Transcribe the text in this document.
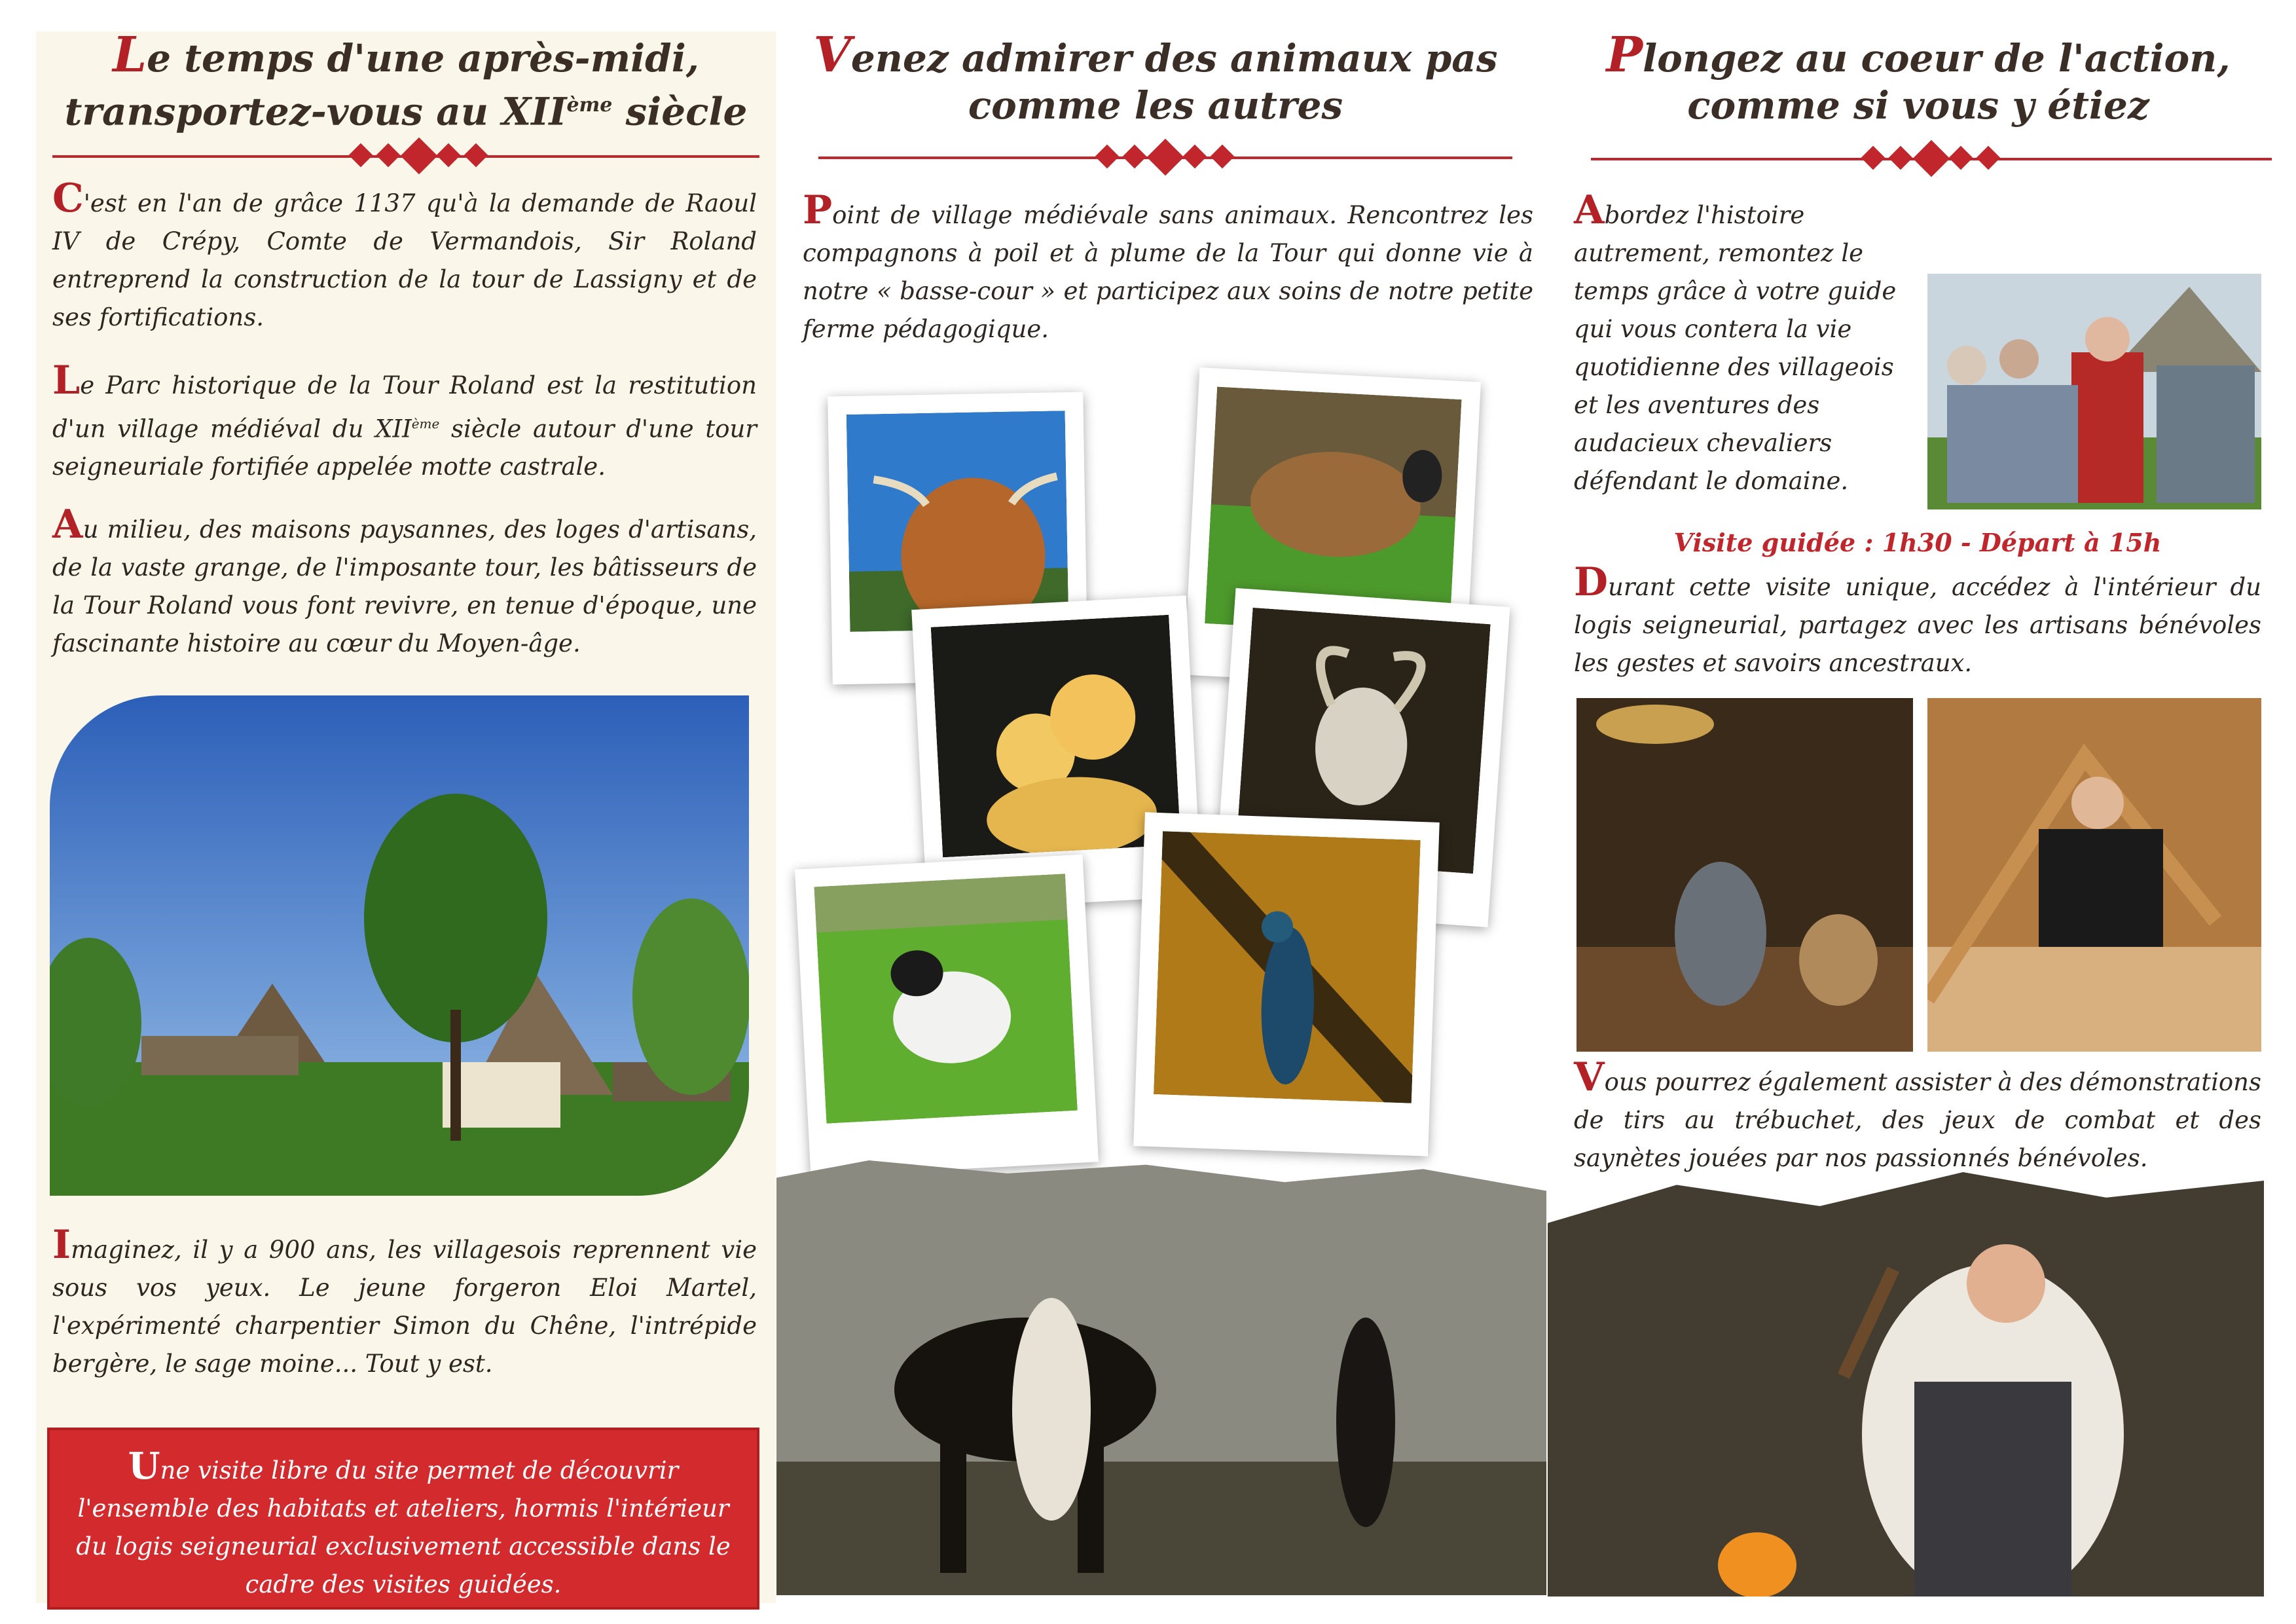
Le temps d'une après-midi,
transportez-vous au XIIème siècle

C'est en l'an de grâce 1137 qu'à la demande de Raoul IV de Crépy, Comte de Vermandois, Sir Roland entreprend la construction de la tour de Lassigny et de ses fortifications.

Le Parc historique de la Tour Roland est la restitution d'un village médiéval du XIIème siècle autour d'une tour seigneuriale fortifiée appelée motte castrale.

Au milieu, des maisons paysannes, des loges d'artisans, de la vaste grange, de l'imposante tour, les bâtisseurs de la Tour Roland vous font revivre, en tenue d'époque, une fascinante histoire au cœur du Moyen-âge.

Imaginez, il y a 900 ans, les villagesois reprennent vie sous vos yeux. Le jeune forgeron Eloi Martel, l'expérimenté charpentier Simon du Chêne, l'intrépide bergère, le sage moine... Tout y est.

Une visite libre du site permet de découvrir l'ensemble des habitats et ateliers, hormis l'intérieur du logis seigneurial exclusivement accessible dans le cadre des visites guidées.

Venez admirer des animaux pas
comme les autres

Point de village médiévale sans animaux. Rencontrez les compagnons à poil et à plume de la Tour qui donne vie à notre « basse-cour » et participez aux soins de notre petite ferme pédagogique.

Plongez au coeur de l'action,
comme si vous y étiez

Abordez l'histoire autrement, remontez le temps grâce à votre guide qui vous contera la vie quotidienne des villageois et les aventures des audacieux chevaliers défendant le domaine.

Visite guidée : 1h30 - Départ à 15h

Durant cette visite unique, accédez à l'intérieur du logis seigneurial, partagez avec les artisans bénévoles les gestes et savoirs ancestraux.

Vous pourrez également assister à des démonstrations de tirs au trébuchet, des jeux de combat et des saynètes jouées par nos passionnés bénévoles.
